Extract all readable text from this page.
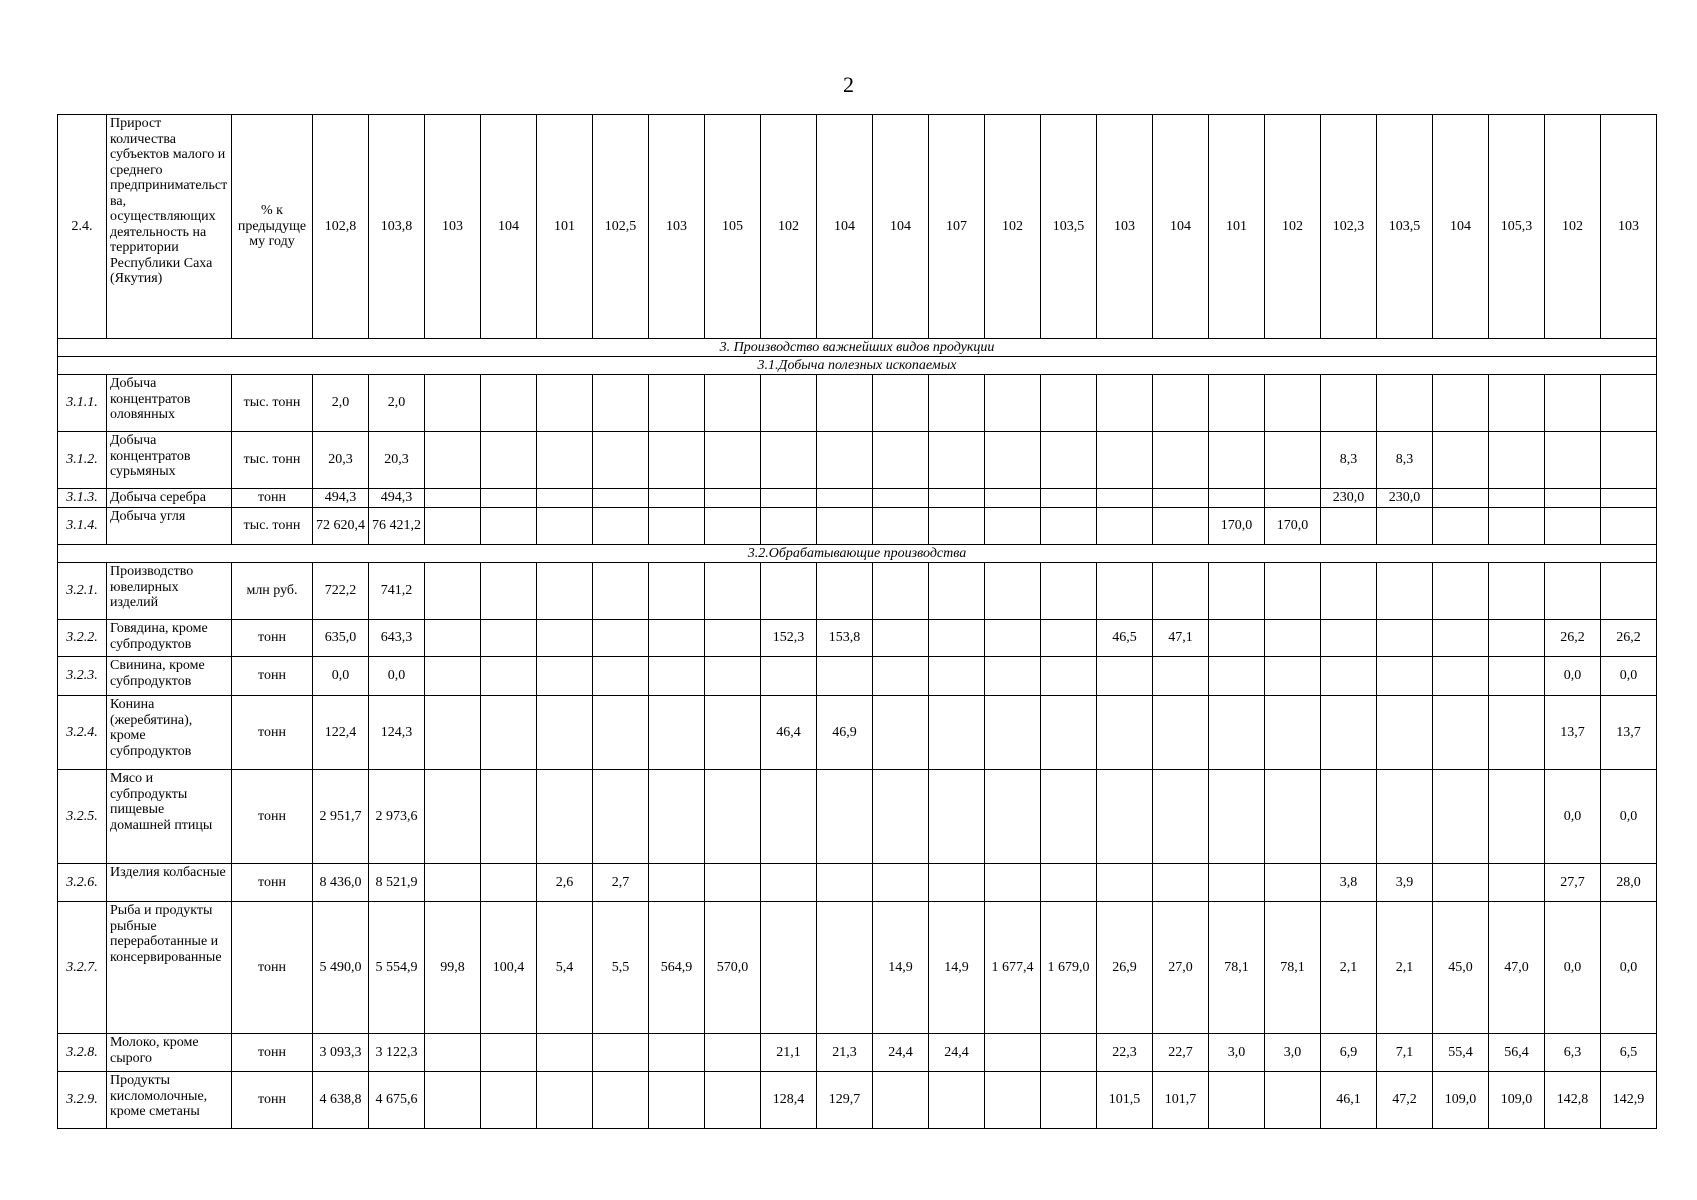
2
2.4.	Прирост количества субъектов малого и среднего предпринимательства, осуществляющих деятельность на территории Республики Саха (Якутия)	% к предыдущему году	102,8	103,8	103	104	101	102,5	103	105	102	104	104	107	102	103,5	103	104	101	102	102,3	103,5	104	105,3	102	103
3. Производство важнейших видов продукции																										
3.1.Добыча полезных ископаемых																										
3.1.1.	Добыча концентратов оловянных	тыс. тонн	2,0	2,0																						
3.1.2.	Добыча концентратов сурьмяных	тыс. тонн	20,3	20,3																	8,3	8,3				
3.1.3.	Добыча серебра	тонн	494,3	494,3																	230,0	230,0				
3.1.4.	Добыча угля	тыс. тонн	72 620,4	76 421,2															170,0	170,0						
3.2.Обрабатывающие производства																										
3.2.1.	Производство ювелирных изделий	млн руб.	722,2	741,2																						
3.2.2.	Говядина, кроме субпродуктов	тонн	635,0	643,3							152,3	153,8					46,5	47,1							26,2	26,2
3.2.3.	Свинина, кроме субпродуктов	тонн	0,0	0,0																					0,0	0,0
3.2.4.	Конина (жеребятина), кроме субпродуктов	тонн	122,4	124,3							46,4	46,9													13,7	13,7
3.2.5.	Мясо и субпродукты пищевые домашней птицы	тонн	2 951,7	2 973,6																					0,0	0,0
3.2.6.	Изделия колбасные	тонн	8 436,0	8 521,9			2,6	2,7													3,8	3,9			27,7	28,0
3.2.7.	Рыба и продукты рыбные переработанные и консервированные	тонн	5 490,0	5 554,9	99,8	100,4	5,4	5,5	564,9	570,0			14,9	14,9	1 677,4	1 679,0	26,9	27,0	78,1	78,1	2,1	2,1	45,0	47,0	0,0	0,0
3.2.8.	Молоко, кроме сырого	тонн	3 093,3	3 122,3							21,1	21,3	24,4	24,4			22,3	22,7	3,0	3,0	6,9	7,1	55,4	56,4	6,3	6,5
3.2.9.	Продукты кисломолочные, кроме сметаны	тонн	4 638,8	4 675,6							128,4	129,7					101,5	101,7			46,1	47,2	109,0	109,0	142,8	142,9
